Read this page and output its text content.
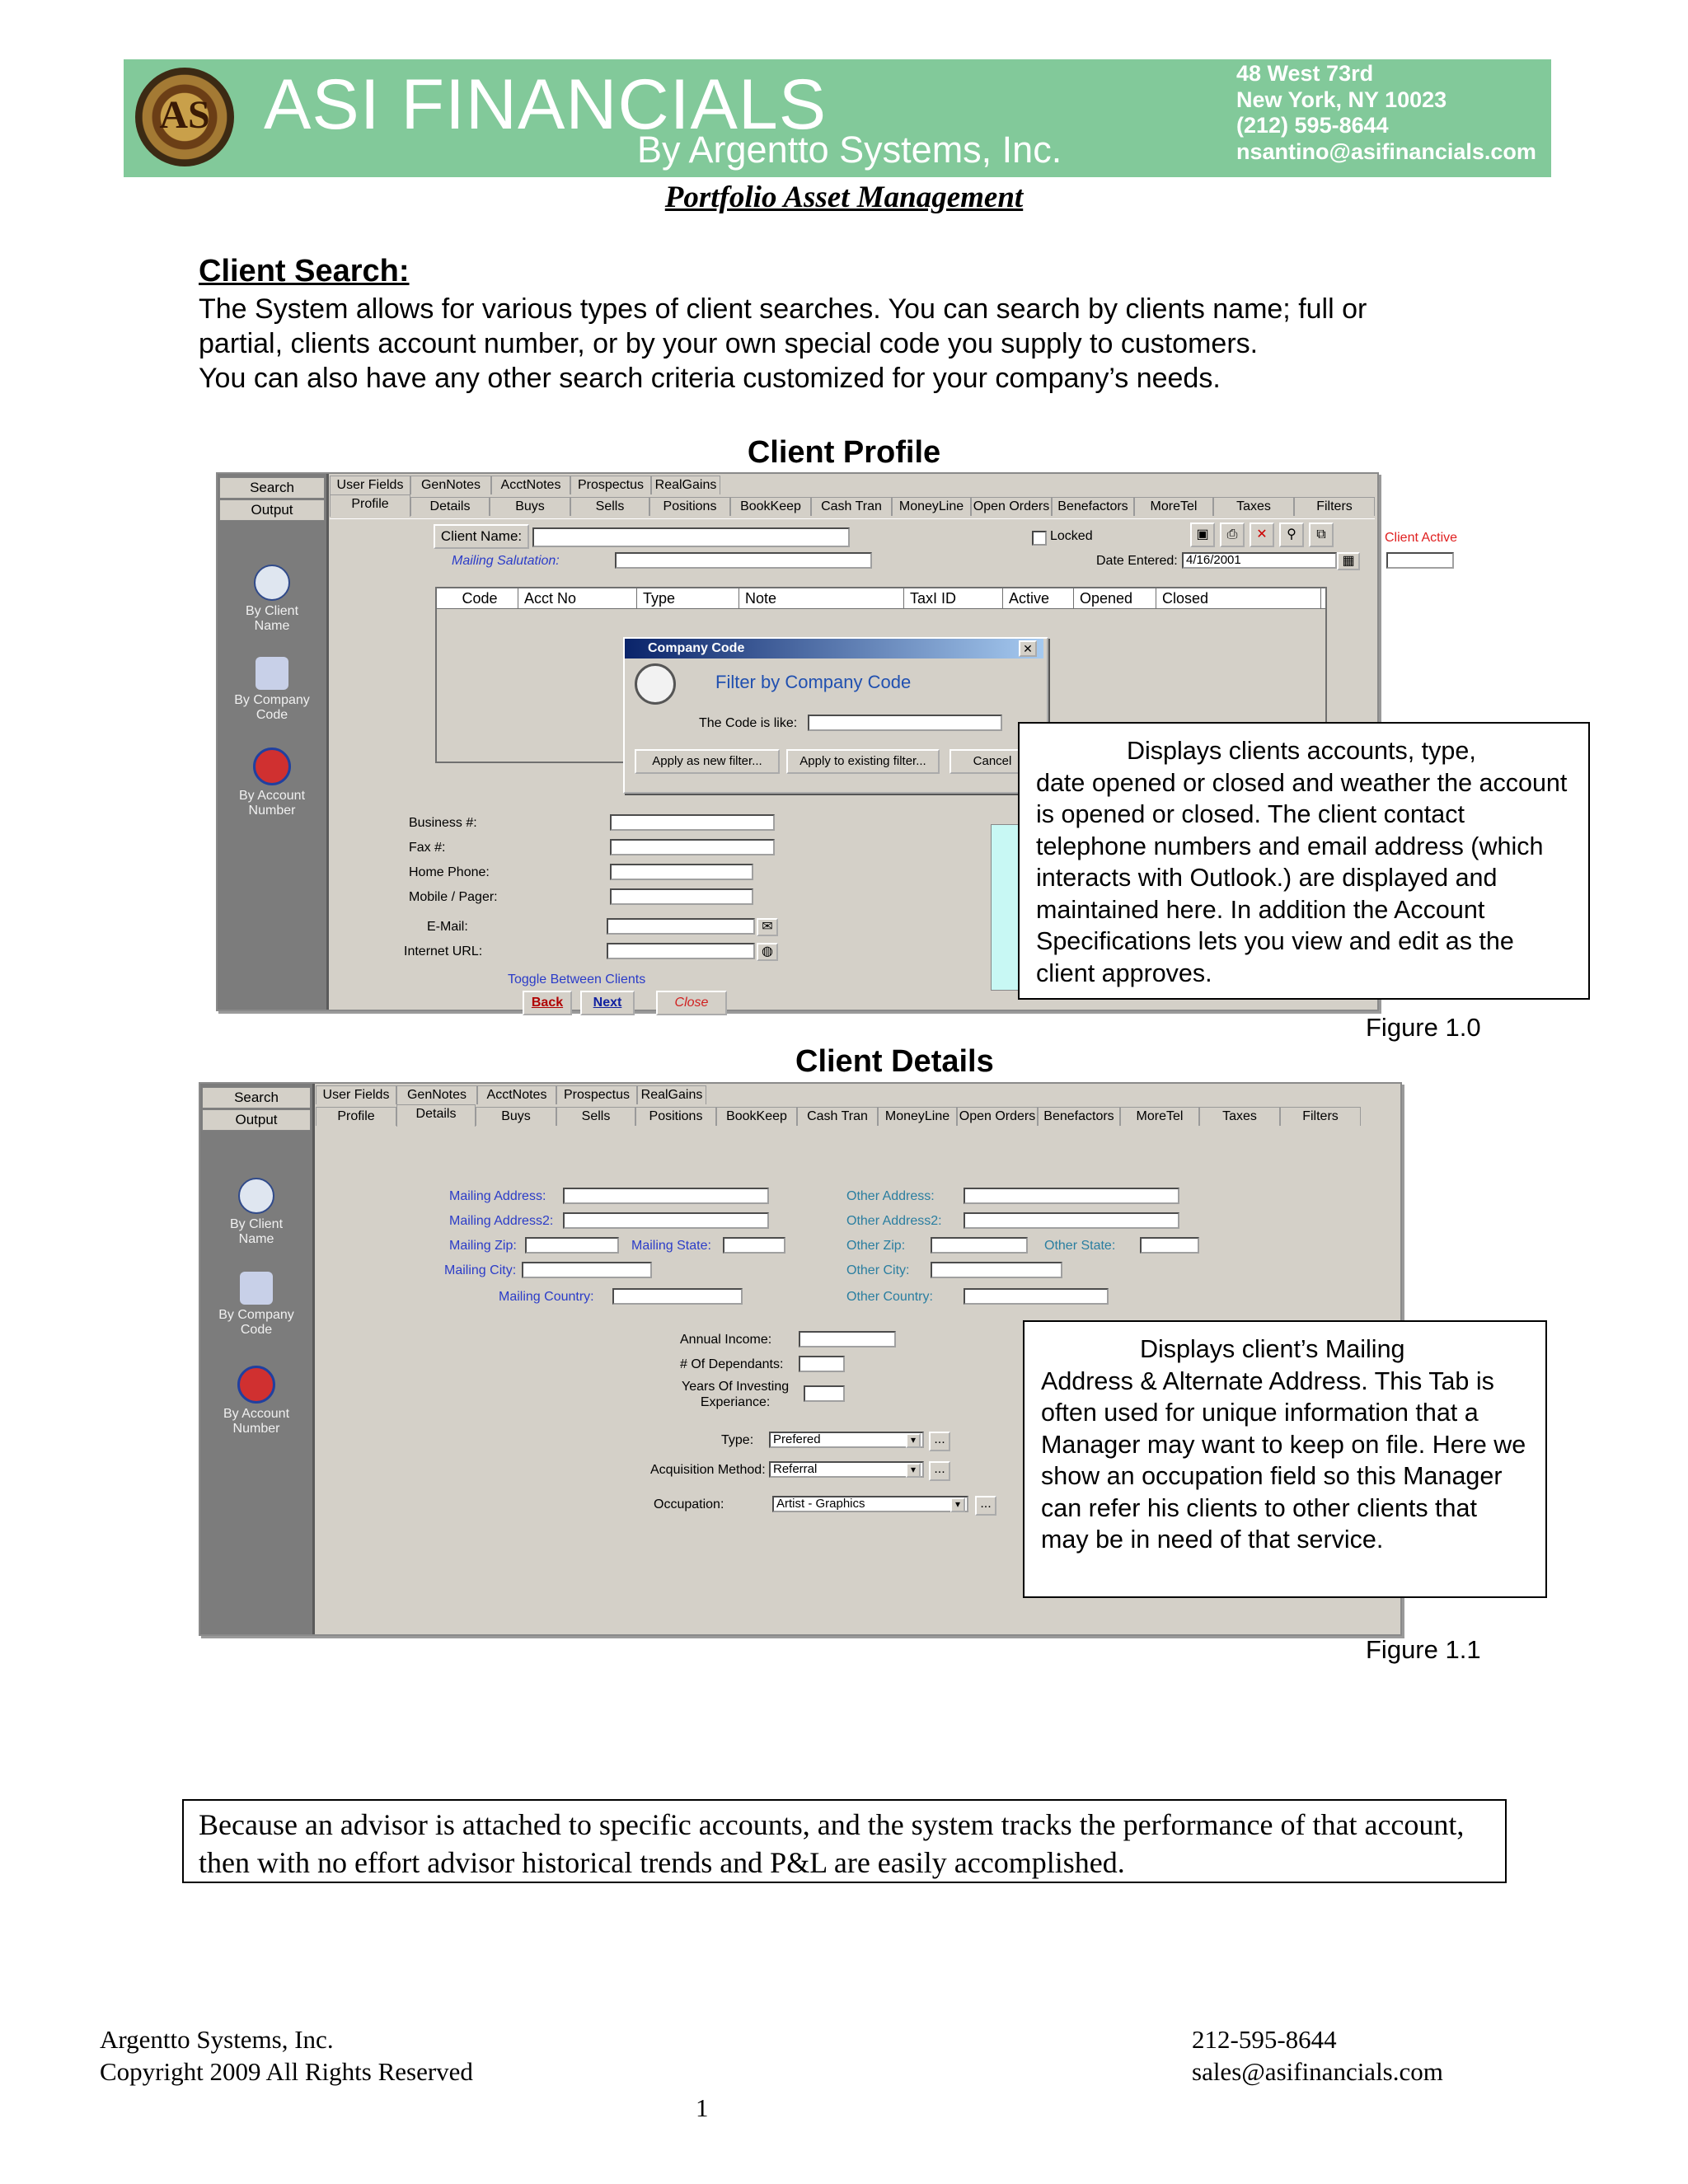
AS ASI FINANCIALS
By Argentto Systems, Inc.
48 West 73rd
New York, NY 10023
(212) 595-8644
nsantino@asifinancials.com
Portfolio Asset Management
Client Search:
The System allows for various types of client searches. You can search by clients name; full or
partial, clients account number, or by your own special code you supply to customers.
You can also have any other search criteria customized for your company’s needs.
Client Profile
Search
Output

By Client
Name

By Company
Code

By Account
Number

User Fields	GenNotes	AcctNotes	Prospectus RealGains
Profile	Details	Buys	Sells	Positions	BookKeep	Cash Tran	MoneyLine Open Orders Benefactors	MoreTel	Taxes	Filters
Client Name:	Locked	▣	⎙	✕	⚲	⧉	Client Active
Mailing Salutation:	Date Entered: 4/16/2001	▦
Code	Acct No	Type	Note	TaxI ID	Active	Opened	Closed
Business #:
Fax #:
Home Phone:
Mobile / Pager:
E-Mail:
Internet URL:
✉
◍
Toggle Between Clients
Back	Next	Close
Company Code	✕
Filter by Company Code
The Code is like:
Apply as new filter...	Apply to existing filter...	Cancel	Displays clients accounts, type,
date opened or closed and weather the account is opened or closed. The client contact telephone numbers and email address (which interacts with Outlook.) are displayed and maintained here. In addition the Account Specifications lets you view and edit as the client approves.
Figure 1.0
Client Details
Search
Output

By Client
Name

By Company
Code

By Account
Number

User Fields	GenNotes	AcctNotes	Prospectus RealGains
Profile	Details	Buys	Sells	Positions	BookKeep	Cash Tran	MoneyLine Open Orders Benefactors	MoreTel	Taxes	Filters
Mailing Address:
Mailing Address2:
Mailing Zip:	Mailing State:
Mailing City:
Mailing Country:
Other Address:
Other Address2:
Other Zip:	Other State:
Other City:
Other Country:
Annual Income:
# Of Dependants:
Years Of Investing
Experiance:
Type:	Prefered	▾	...
Acquisition Method: Referral	▾	...
Occupation:	Artist - Graphics	▾	...
Displays client’s Mailing
Address & Alternate Address. This Tab is often used for unique information that a Manager may want to keep on file. Here we show an occupation field so this Manager can refer his clients to other clients that may be in need of that service.
Figure 1.1
Because an advisor is attached to specific accounts, and the system tracks the performance of that account, then with no effort advisor historical trends and P&L are easily accomplished.
Argentto Systems, Inc.
Copyright 2009 All Rights Reserved
212-595-8644
sales@asifinancials.com
1
